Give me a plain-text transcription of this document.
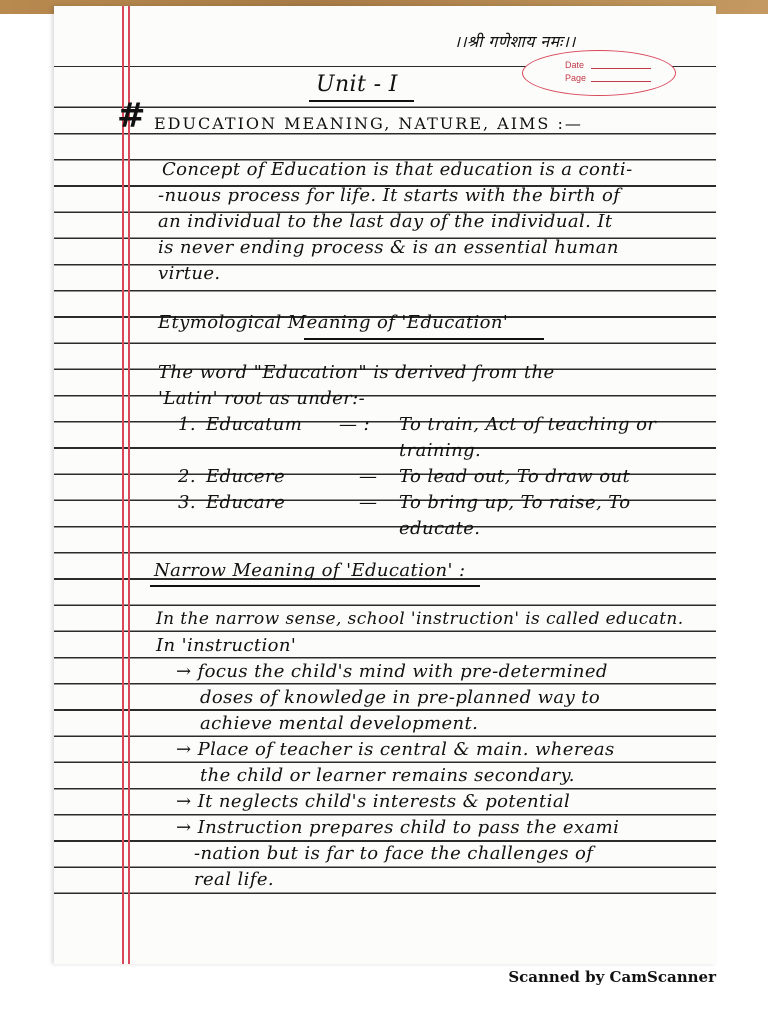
।।श्री गणेशाय नमः।।
Date
Page
Unit - I
# EDUCATION MEANING, NATURE, AIMS :—
Concept of Education is that education is a conti-
-nuous process for life. It starts with the birth of
an individual to the last day of the individual. It
is never ending process & is an essential human
virtue.
Etymological Meaning of 'Education'
The word "Education" is derived from the
'Latin' root as under:-
1. Educatum — : To train, Act of teaching or
training.
2. Educere	— To lead out, To draw out
3. Educare	— To bring up, To raise, To
educate.
Narrow Meaning of 'Education' :
In the narrow sense, school 'instruction' is called educatn.
In 'instruction'
→ focus the child's mind with pre-determined
doses of knowledge in pre-planned way to
achieve mental development.
→ Place of teacher is central & main. whereas
the child or learner remains secondary.
→ It neglects child's interests & potential
→ Instruction prepares child to pass the exami
-nation but is far to face the challenges of
real life.
Scanned by CamScanner
